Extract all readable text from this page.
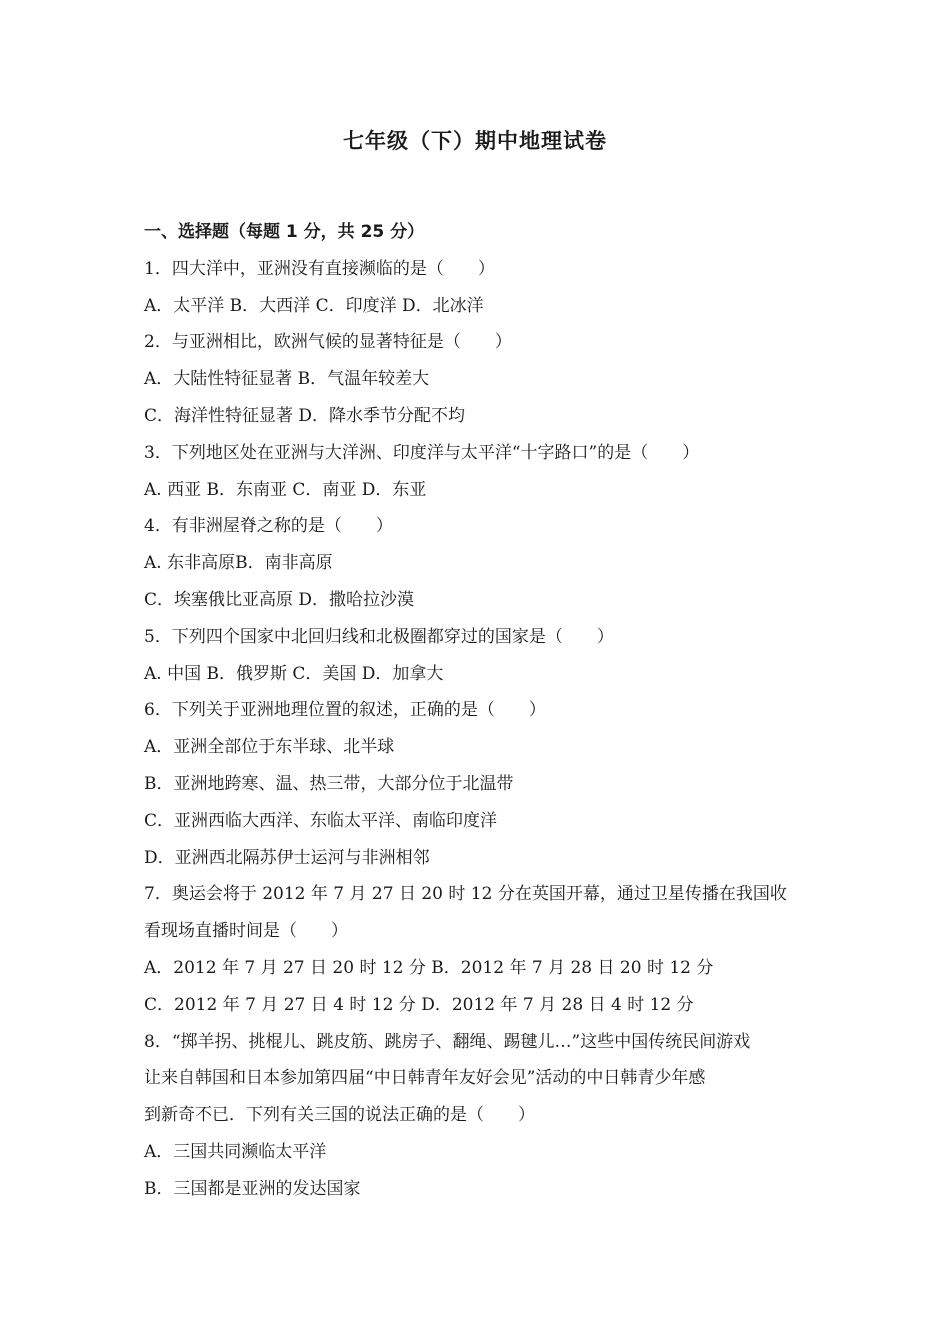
七年级（下）期中地理试卷
一、选择题（每题 1 分，共 25 分）
1．四大洋中，亚洲没有直接濒临的是（　　）
A．太平洋 B．大西洋 C．印度洋 D．北冰洋
2．与亚洲相比，欧洲气候的显著特征是（　　）
A．大陆性特征显著 B．气温年较差大
C．海洋性特征显著 D．降水季节分配不均
3．下列地区处在亚洲与大洋洲、印度洋与太平洋“十字路口”的是（　　）
A. 西亚 B．东南亚 C．南亚 D．东亚
4．有非洲屋脊之称的是（　　）
A. 东非高原B．南非高原
C．埃塞俄比亚高原 D．撒哈拉沙漠
5．下列四个国家中北回归线和北极圈都穿过的国家是（　　）
A. 中国 B．俄罗斯 C．美国 D．加拿大
6．下列关于亚洲地理位置的叙述，正确的是（　　）
A．亚洲全部位于东半球、北半球
B．亚洲地跨寒、温、热三带，大部分位于北温带
C．亚洲西临大西洋、东临太平洋、南临印度洋
D．亚洲西北隔苏伊士运河与非洲相邻
7．奥运会将于 2012 年 7 月 27 日 20 时 12 分在英国开幕，通过卫星传播在我国收
看现场直播时间是（　　）
A．2012 年 7 月 27 日 20 时 12 分 B．2012 年 7 月 28 日 20 时 12 分
C．2012 年 7 月 27 日 4 时 12 分 D．2012 年 7 月 28 日 4 时 12 分
8．“掷羊拐、挑棍儿、跳皮筋、跳房子、翻绳、踢毽儿…”这些中国传统民间游戏
让来自韩国和日本参加第四届“中日韩青年友好会见”活动的中日韩青少年感
到新奇不已．下列有关三国的说法正确的是（　　）
A．三国共同濒临太平洋
B．三国都是亚洲的发达国家
